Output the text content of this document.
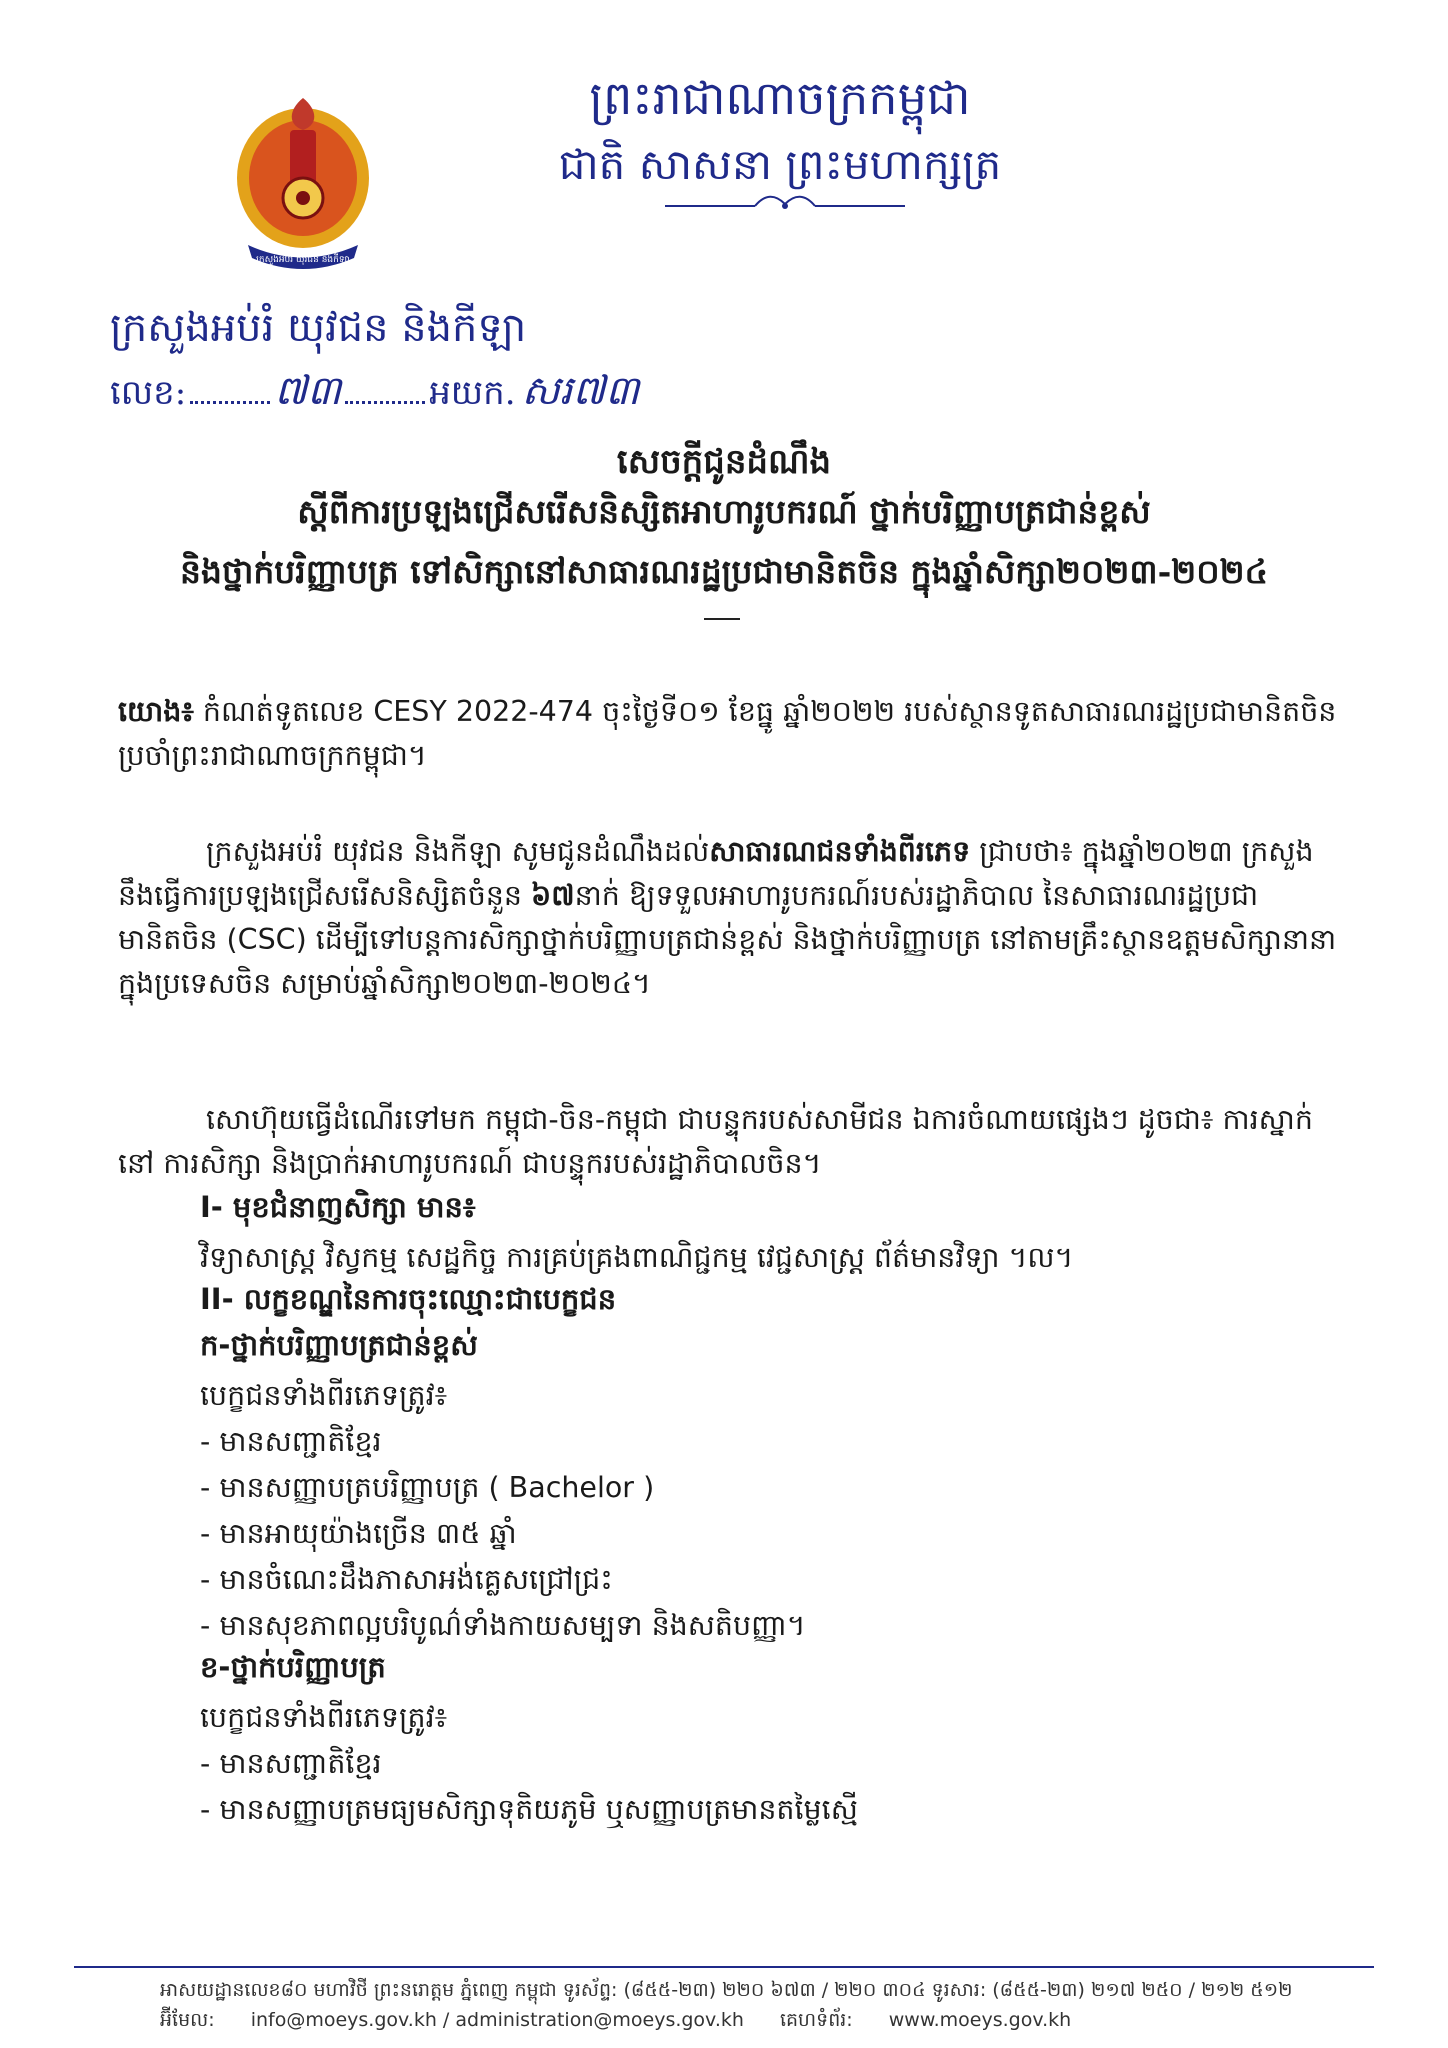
ក្រសួងអប់រំ យុវជន និងកីឡា
ព្រះរាជាណាចក្រកម្ពុជា
ជាតិ សាសនា ព្រះមហាក្សត្រ
ក្រសួងអប់រំ យុវជន និងកីឡា
លេខ: ៧៣	អយក. សរ៧៣
សេចក្តីជូនដំណឹង
ស្តីពីការប្រឡងជ្រើសរើសនិស្សិតអាហារូបករណ៍ ថ្នាក់បរិញ្ញាបត្រជាន់ខ្ពស់
និងថ្នាក់បរិញ្ញាបត្រ ទៅសិក្សានៅសាធារណរដ្ឋប្រជាមានិតចិន ក្នុងឆ្នាំសិក្សា២០២៣-២០២៤
យោង៖ កំណត់ទូតលេខ CESY 2022-474 ចុះថ្ងៃទី០១ ខែធ្នូ ឆ្នាំ២០២២ របស់ស្ថានទូតសាធារណរដ្ឋប្រជាមានិតចិនប្រចាំព្រះរាជាណាចក្រកម្ពុជា។
ក្រសួងអប់រំ យុវជន និងកីឡា សូមជូនដំណឹងដល់សាធារណជនទាំងពីរភេទ ជ្រាបថា៖ ក្នុងឆ្នាំ២០២៣ ក្រសួងនឹងធ្វើការប្រឡងជ្រើសរើសនិស្សិតចំនួន ៦៧នាក់ ឱ្យទទួលអាហារូបករណ៍របស់រដ្ឋាភិបាល នៃសាធារណរដ្ឋប្រជាមានិតចិន (CSC) ដើម្បីទៅបន្តការសិក្សាថ្នាក់បរិញ្ញាបត្រជាន់ខ្ពស់ និងថ្នាក់បរិញ្ញាបត្រ នៅតាមគ្រឹះស្ថានឧត្តមសិក្សានានា ក្នុងប្រទេសចិន សម្រាប់ឆ្នាំសិក្សា២០២៣-២០២៤។
សោហ៊ុយធ្វើដំណើរទៅមក កម្ពុជា-ចិន-កម្ពុជា ជាបន្ទុករបស់សាមីជន ឯការចំណាយផ្សេងៗ ដូចជា៖ ការស្នាក់នៅ ការសិក្សា និងប្រាក់អាហារូបករណ៍ ជាបន្ទុករបស់រដ្ឋាភិបាលចិន។
I- មុខជំនាញសិក្សា មាន៖
វិទ្យាសាស្ត្រ វិស្វកម្ម សេដ្ឋកិច្ច ការគ្រប់គ្រងពាណិជ្ជកម្ម វេជ្ជសាស្ត្រ ព័ត៌មានវិទ្យា ។ល។
II- លក្ខខណ្ឌនៃការចុះឈ្មោះជាបេក្ខជន
ក-ថ្នាក់បរិញ្ញាបត្រជាន់ខ្ពស់
បេក្ខជនទាំងពីរភេទត្រូវ៖
- មានសញ្ជាតិខ្មែរ
- មានសញ្ញាបត្របរិញ្ញាបត្រ ( Bachelor )
- មានអាយុយ៉ាងច្រើន ៣៥ ឆ្នាំ
- មានចំណេះដឹងភាសាអង់គ្លេសជ្រៅជ្រះ
- មានសុខភាពល្អបរិបូណ៌ទាំងកាយសម្បទា និងសតិបញ្ញា។
ខ-ថ្នាក់បរិញ្ញាបត្រ
បេក្ខជនទាំងពីរភេទត្រូវ៖
- មានសញ្ជាតិខ្មែរ
- មានសញ្ញាបត្រមធ្យមសិក្សាទុតិយភូមិ ឬសញ្ញាបត្រមានតម្លៃស្មើ
អាសយដ្ឋានលេខ៨០ មហាវិថី ព្រះនរោត្តម ភ្នំពេញ កម្ពុជា ទូរស័ព្ទ: (៨៥៥-២៣) ២២០ ៦៧៣ / ២២០ ៣០៤ ទូរសារ: (៨៥៥-២៣) ២១៧ ២៥០ / ២១២ ៥១២
អ៊ីមែល: info@moeys.gov.kh / administration@moeys.gov.kh គេហទំព័រ: www.moeys.gov.kh
